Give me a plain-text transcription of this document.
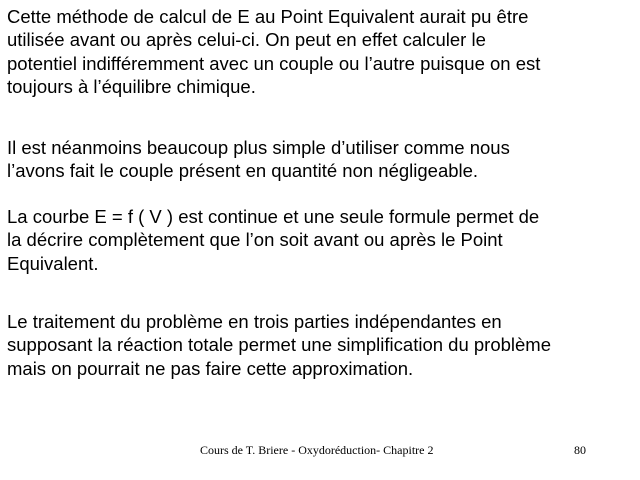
Cette méthode de calcul de E au Point Equivalent aurait pu être
utilisée avant ou après celui-ci. On peut en effet calculer le
potentiel indifféremment avec un couple ou l’autre puisque on est
toujours à l’équilibre chimique.

Il est néanmoins beaucoup plus simple d’utiliser comme nous
l’avons fait le couple présent en quantité non négligeable.

La courbe E = f ( V ) est continue et une seule formule permet de
la décrire complètement que l’on soit avant ou après le Point
Equivalent.

Le traitement du problème en trois parties indépendantes en
supposant la réaction totale permet une simplification du problème
mais on pourrait ne pas faire cette approximation.

Cours de T. Briere - Oxydoréduction- Chapitre 2	80
